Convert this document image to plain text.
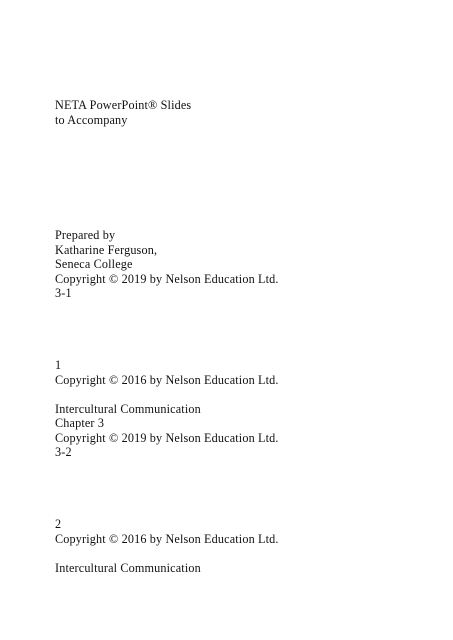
NETA PowerPoint® Slides
to Accompany
Prepared by
Katharine Ferguson,
Seneca College
Copyright © 2019 by Nelson Education Ltd.
3-1
1
Copyright © 2016 by Nelson Education Ltd.
Intercultural Communication
Chapter 3
Copyright © 2019 by Nelson Education Ltd.
3-2
2
Copyright © 2016 by Nelson Education Ltd.
Intercultural Communication
